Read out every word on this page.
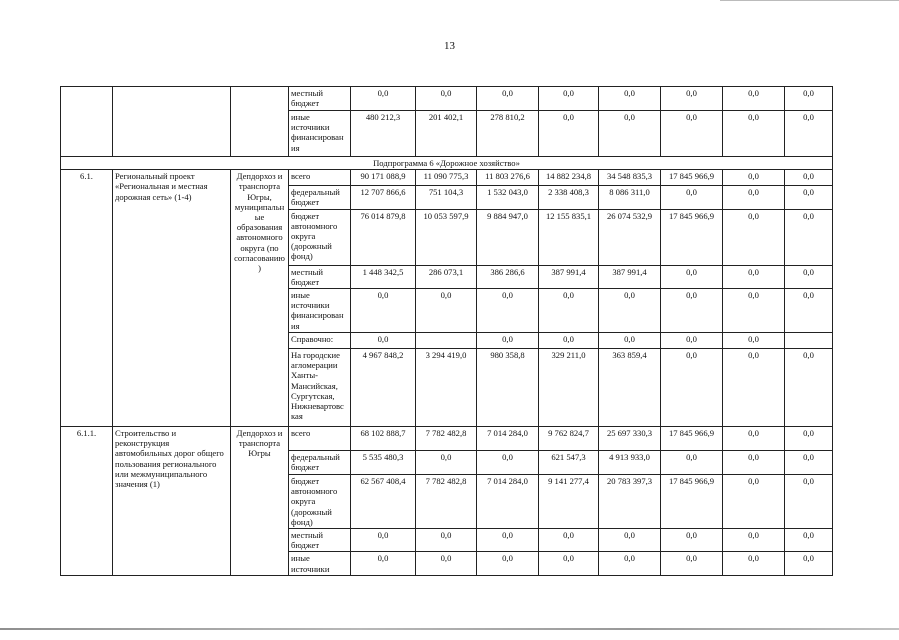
13
			местный бюджет	0,0	0,0	0,0	0,0	0,0	0,0	0,0	0,0
			иные источники финансирования	480 212,3	201 402,1	278 810,2	0,0	0,0	0,0	0,0	0,0
Подпрограмма 6 «Дорожное хозяйство»											
6.1.	Региональный проект «Региональная и местная дорожная сеть» (1-4)	Депдорхоз и транспорта Югры, муниципальные образования автономного округа (по согласованию)	всего	90 171 088,9	11 090 775,3	11 803 276,6	14 882 234,8	34 548 835,3	17 845 966,9	0,0	0,0
			федеральный бюджет	12 707 866,6	751 104,3	1 532 043,0	2 338 408,3	8 086 311,0	0,0	0,0	0,0
			бюджет автономного округа (дорожный фонд)	76 014 879,8	10 053 597,9	9 884 947,0	12 155 835,1	26 074 532,9	17 845 966,9	0,0	0,0
			местный бюджет	1 448 342,5	286 073,1	386 286,6	387 991,4	387 991,4	0,0	0,0	0,0
			иные источники финансирования	0,0	0,0	0,0	0,0	0,0	0,0	0,0	0,0
			Справочно:	0,0		0,0	0,0	0,0	0,0	0,0	
			На городские агломерации Ханты-Мансийская, Сургутская, Нижневартовская	4 967 848,2	3 294 419,0	980 358,8	329 211,0	363 859,4	0,0	0,0	0,0
6.1.1.	Строительство и реконструкция автомобильных дорог общего пользования регионального или межмуниципального значения (1)	Депдорхоз и транспорта Югры	всего	68 102 888,7	7 782 482,8	7 014 284,0	9 762 824,7	25 697 330,3	17 845 966,9	0,0	0,0
			федеральный бюджет	5 535 480,3	0,0	0,0	621 547,3	4 913 933,0	0,0	0,0	0,0
			бюджет автономного округа (дорожный фонд)	62 567 408,4	7 782 482,8	7 014 284,0	9 141 277,4	20 783 397,3	17 845 966,9	0,0	0,0
			местный бюджет	0,0	0,0	0,0	0,0	0,0	0,0	0,0	0,0
			иные источники	0,0	0,0	0,0	0,0	0,0	0,0	0,0	0,0
